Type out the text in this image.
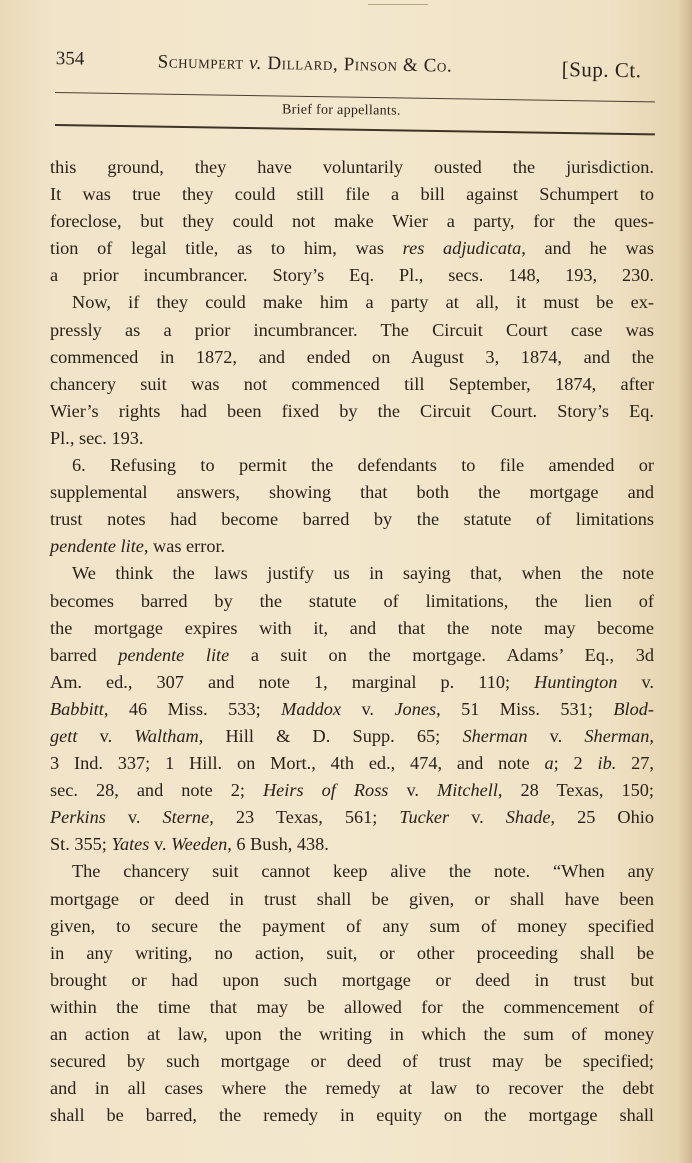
354	Schumpert v. Dillard, Pinson & Co.	[Sup. Ct.
Brief for appellants.
this ground, they have voluntarily ousted the jurisdiction.
It was true they could still file a bill against Schumpert to
foreclose, but they could not make Wier a party, for the ques-
tion of legal title, as to him, was res adjudicata, and he was
a prior incumbrancer. Story’s Eq. Pl., secs. 148, 193, 230.
Now, if they could make him a party at all, it must be ex-
pressly as a prior incumbrancer. The Circuit Court case was
commenced in 1872, and ended on August 3, 1874, and the
chancery suit was not commenced till September, 1874, after
Wier’s rights had been fixed by the Circuit Court. Story’s Eq.
Pl., sec. 193.
6. Refusing to permit the defendants to file amended or
supplemental answers, showing that both the mortgage and
trust notes had become barred by the statute of limitations
pendente lite, was error.
We think the laws justify us in saying that, when the note
becomes barred by the statute of limitations, the lien of
the mortgage expires with it, and that the note may become
barred pendente lite a suit on the mortgage. Adams’ Eq., 3d
Am. ed., 307 and note 1, marginal p. 110; Huntington v.
Babbitt, 46 Miss. 533; Maddox v. Jones, 51 Miss. 531; Blod-
gett v. Waltham, Hill & D. Supp. 65; Sherman v. Sherman,
3 Ind. 337; 1 Hill. on Mort., 4th ed., 474, and note a; 2 ib. 27,
sec. 28, and note 2; Heirs of Ross v. Mitchell, 28 Texas, 150;
Perkins v. Sterne, 23 Texas, 561; Tucker v. Shade, 25 Ohio
St. 355; Yates v. Weeden, 6 Bush, 438.
The chancery suit cannot keep alive the note. “When any
mortgage or deed in trust shall be given, or shall have been
given, to secure the payment of any sum of money specified
in any writing, no action, suit, or other proceeding shall be
brought or had upon such mortgage or deed in trust but
within the time that may be allowed for the commencement of
an action at law, upon the writing in which the sum of money
secured by such mortgage or deed of trust may be specified;
and in all cases where the remedy at law to recover the debt
shall be barred, the remedy in equity on the mortgage shall
